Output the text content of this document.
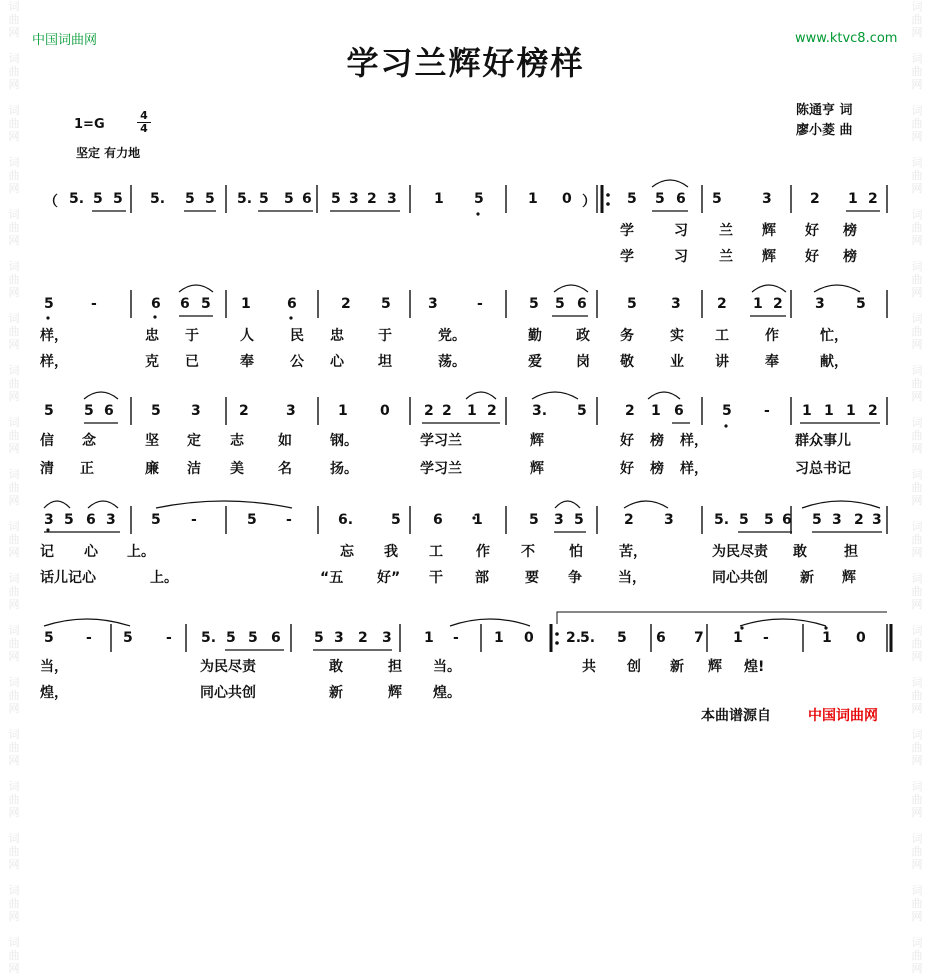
词
曲
网

词
曲
网

词
曲
网

词
曲
网

词
曲
网

词
曲
网

词
曲
网

词
曲
网

词
曲
网

词
曲
网

词
曲
网

词
曲
网

词
曲
网

词
曲
网

词
曲
网

词
曲
网

词
曲
网

词
曲
网

词
曲
网

词
曲
网

词
曲
网

词
曲
网

词
曲
网

词
曲
网

词
曲
网

词
曲
网

词
曲
网

词
曲
网

词
曲
网

词
曲
网

词
曲
网

词
曲
网

词
曲
网

词
曲
网

词
曲
网

词
曲
网

词
曲
网

词
曲
网

中国词曲网	www.ktvc8.com
学习兰辉好榜样
1=G
4
4
坚定 有力地
陈通亨 词
廖小菱 曲
（ 5. 5 5 5. 5 5 5. 5 5 6 5 3 2 3	1 5	1 0 ） 5 5 6 5	3	2 1 2
学	习 兰 辉 好 榜
学	习 兰 辉 好 榜
5	-	6 6 5 1	6	2 5	3	-	5 5 6	5 3	2 1 2 3 5
样，	忠 于	人	民 忠 于	党。	勤 政 务	实 工	作	忙，
样，	克 已	奉	公 心 坦	荡。	爱 岗 敬	业 讲	奉	献，
5 5 6	5 3	2	3	1 0 2 2 1 2	3. 5	2 1 6	5 - 1 1 1 2
信 念	坚 定 志 如	钢。	学习兰	辉	好 榜 样，	群众事儿
清 正	廉 洁 美 名	扬。	学习兰	辉	好 榜 样，	习总书记
3 5 6 3	5 -	5 -	6.	5 6 1	5 3 5	2 3	5. 5 5 6 5 3 2 3
记 心 上。	忘 我 工 作 不 怕	苦，	为民尽责 敢	担
话儿记心	上。	“五 好” 干 部	要 争	当，	同心共创 新 辉
5 - 5 - 5. 5 5 6 5 3 2 3 1 -	1 0 2.
5. 5 6 7 1 -	1 0
当，	为民尽责	敢	担 当。	共 创 新 辉 煌!
煌，	同心共创	新	辉 煌。
本曲谱源自	中国词曲网
